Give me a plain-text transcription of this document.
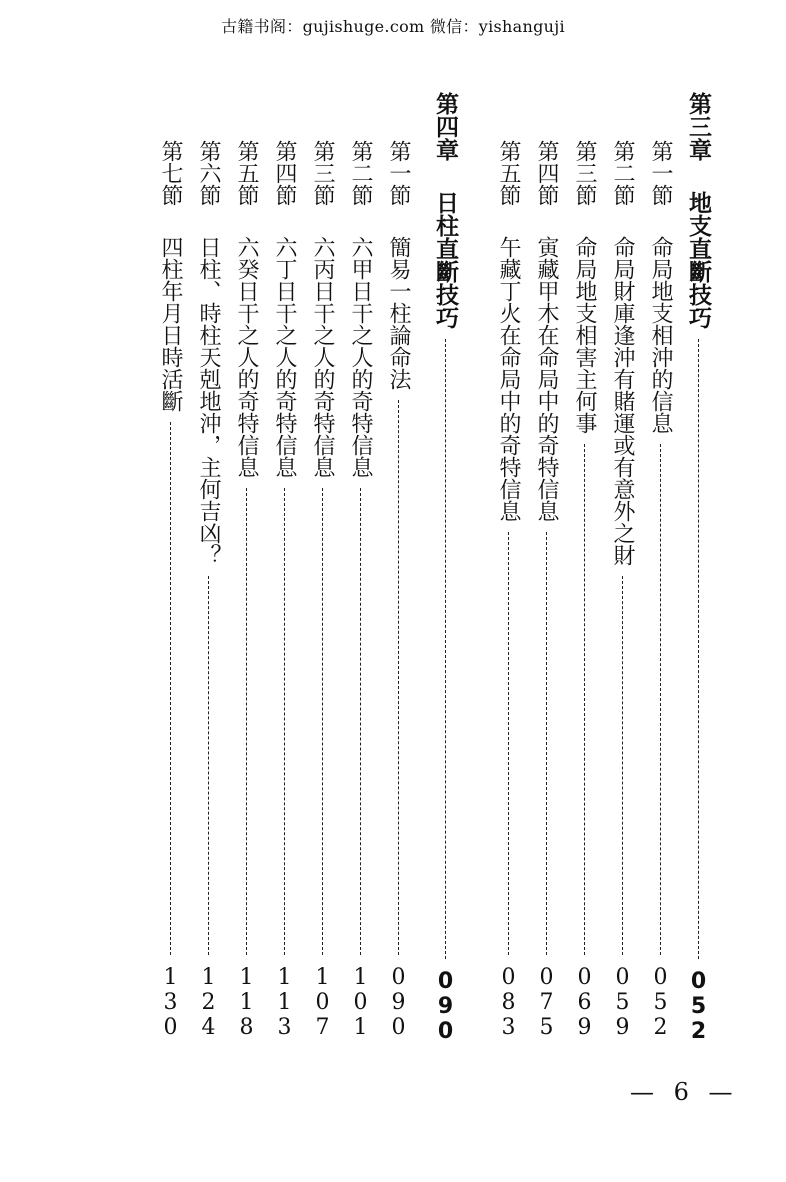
古籍书阁：gujishuge.com 微信：yishanguji
第三章
地支直斷技巧
052
第一節
命局地支相沖的信息
052
第二節
命局財庫逢沖有賭運或有意外之財
059
第三節
命局地支相害主何事
069
第四節
寅藏甲木在命局中的奇特信息
075
第五節
午藏丁火在命局中的奇特信息
083
第四章
日柱直斷技巧
090
第一節
簡易一柱論命法
090
第二節
六甲日干之人的奇特信息
101
第三節
六丙日干之人的奇特信息
107
第四節
六丁日干之人的奇特信息
113
第五節
六癸日干之人的奇特信息
118
第六節
日柱、時柱天剋地沖，主何吉凶？
124
第七節
四柱年月日時活斷
130
— 6 —
